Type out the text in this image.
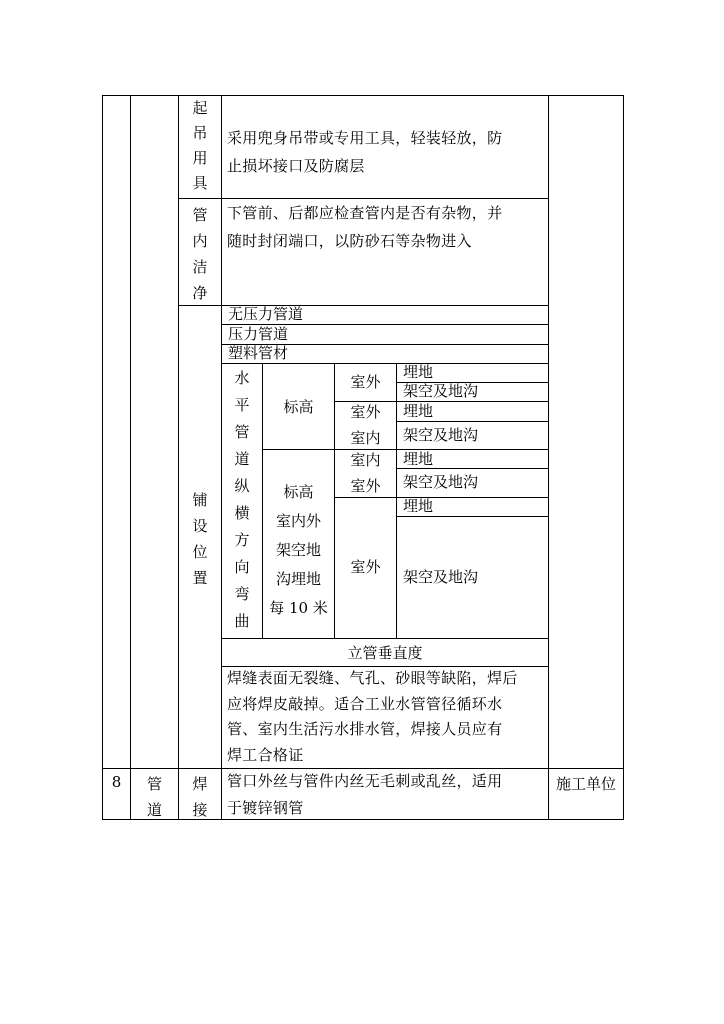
起吊用具
采用兜身吊带或专用工具，轻装轻放，防
止损坏接口及防腐层
管内洁净
下管前、后都应检查管内是否有杂物，并
随时封闭端口，以防砂石等杂物进入
铺设位置
无压力管道
压力管道
塑料管材
水平管道纵横方向弯曲
标高
室外
室外
室内
埋地
架空及地沟
埋地
架空及地沟
标高
室内外
架空地
沟埋地
每 10 米
室内
室外
埋地
架空及地沟
室外
埋地
架空及地沟
立管垂直度
焊缝表面无裂缝、气孔、砂眼等缺陷，焊后
应将焊皮敲掉。适合工业水管管径循环水
管、室内生活污水排水管，焊接人员应有
焊工合格证
8	管道
焊接
管口外丝与管件内丝无毛刺或乱丝，适用
于镀锌钢管
施工单位
